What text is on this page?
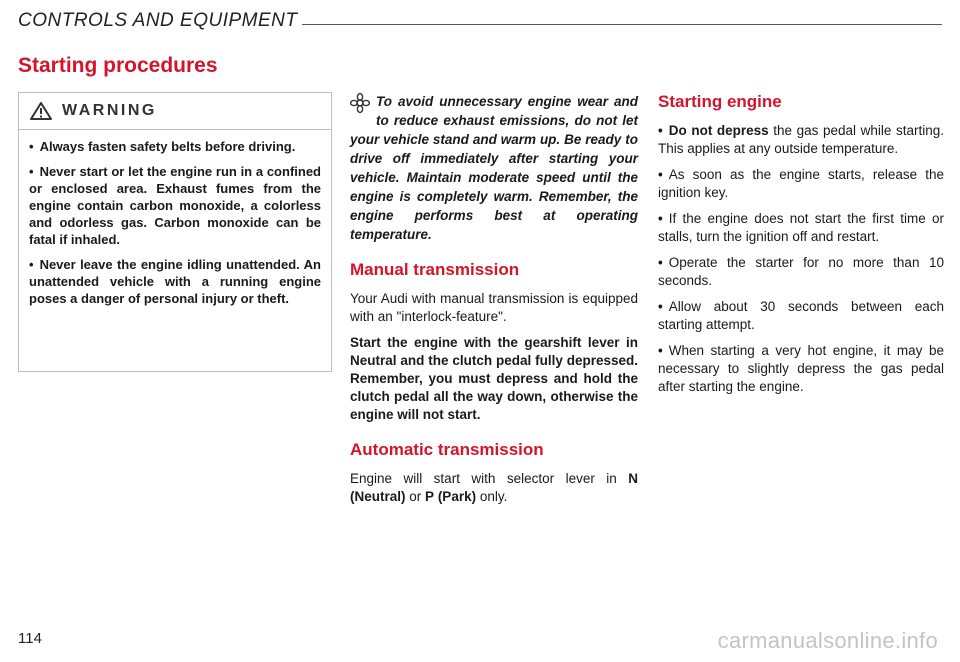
CONTROLS AND EQUIPMENT
Starting procedures
WARNING

• Always fasten safety belts before driving.

• Never start or let the engine run in a confined or enclosed area. Exhaust fumes from the engine contain carbon monoxide, a colorless and odorless gas. Carbon monoxide can be fatal if inhaled.

• Never leave the engine idling unattended. An unattended vehicle with a running engine poses a danger of personal injury or theft.

To avoid unnecessary engine wear and to reduce exhaust emissions, do not let your vehicle stand and warm up. Be ready to drive off immediately after starting your vehicle. Maintain moderate speed until the engine is completely warm. Remember, the engine performs best at operating temperature.

Manual transmission

Your Audi with manual transmission is equipped with an "interlock-feature".

Start the engine with the gearshift lever in Neutral and the clutch pedal fully depressed. Remember, you must depress and hold the clutch pedal all the way down, otherwise the engine will not start.

Automatic transmission

Engine will start with selector lever in N (Neutral) or P (Park) only.

Starting engine

• Do not depress the gas pedal while starting. This applies at any outside temperature.

• As soon as the engine starts, release the ignition key.

• If the engine does not start the first time or stalls, turn the ignition off and restart.

• Operate the starter for no more than 10 seconds.

• Allow about 30 seconds between each starting attempt.

• When starting a very hot engine, it may be necessary to slightly depress the gas pedal after starting the engine.

114	carmanualsonline.info
